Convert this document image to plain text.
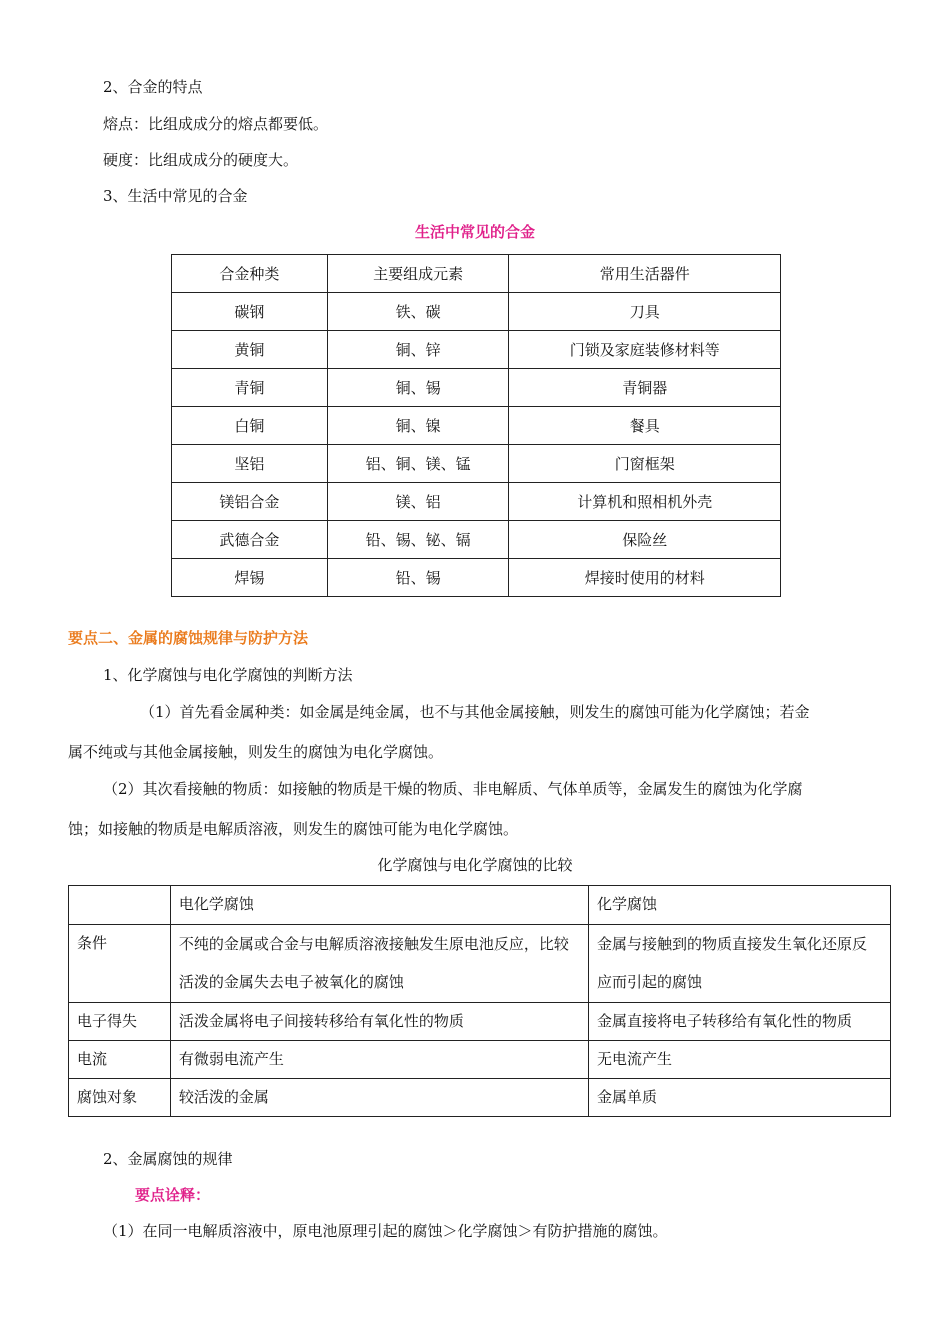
2、合金的特点
熔点：比组成成分的熔点都要低。
硬度：比组成成分的硬度大。
3、生活中常见的合金
生活中常见的合金
合金种类	主要组成元素	常用生活器件
碳钢	铁、碳	刀具
黄铜	铜、锌	门锁及家庭装修材料等
青铜	铜、锡	青铜器
白铜	铜、镍	餐具
坚铝	铝、铜、镁、锰	门窗框架
镁铝合金	镁、铝	计算机和照相机外壳
武德合金	铅、锡、铋、镉	保险丝
焊锡	铅、锡	焊接时使用的材料
要点二、金属的腐蚀规律与防护方法
1、化学腐蚀与电化学腐蚀的判断方法
（1）首先看金属种类：如金属是纯金属，也不与其他金属接触，则发生的腐蚀可能为化学腐蚀；若金
属不纯或与其他金属接触，则发生的腐蚀为电化学腐蚀。
（2）其次看接触的物质：如接触的物质是干燥的物质、非电解质、气体单质等，金属发生的腐蚀为化学腐
蚀；如接触的物质是电解质溶液，则发生的腐蚀可能为电化学腐蚀。
化学腐蚀与电化学腐蚀的比较
	电化学腐蚀	化学腐蚀
条件	不纯的金属或合金与电解质溶液接触发生原电池反应，比较活泼的金属失去电子被氧化的腐蚀	金属与接触到的物质直接发生氧化还原反应而引起的腐蚀
电子得失	活泼金属将电子间接转移给有氧化性的物质	金属直接将电子转移给有氧化性的物质
电流	有微弱电流产生	无电流产生
腐蚀对象	较活泼的金属	金属单质
2、金属腐蚀的规律
要点诠释：
（1）在同一电解质溶液中，原电池原理引起的腐蚀＞化学腐蚀＞有防护措施的腐蚀。
